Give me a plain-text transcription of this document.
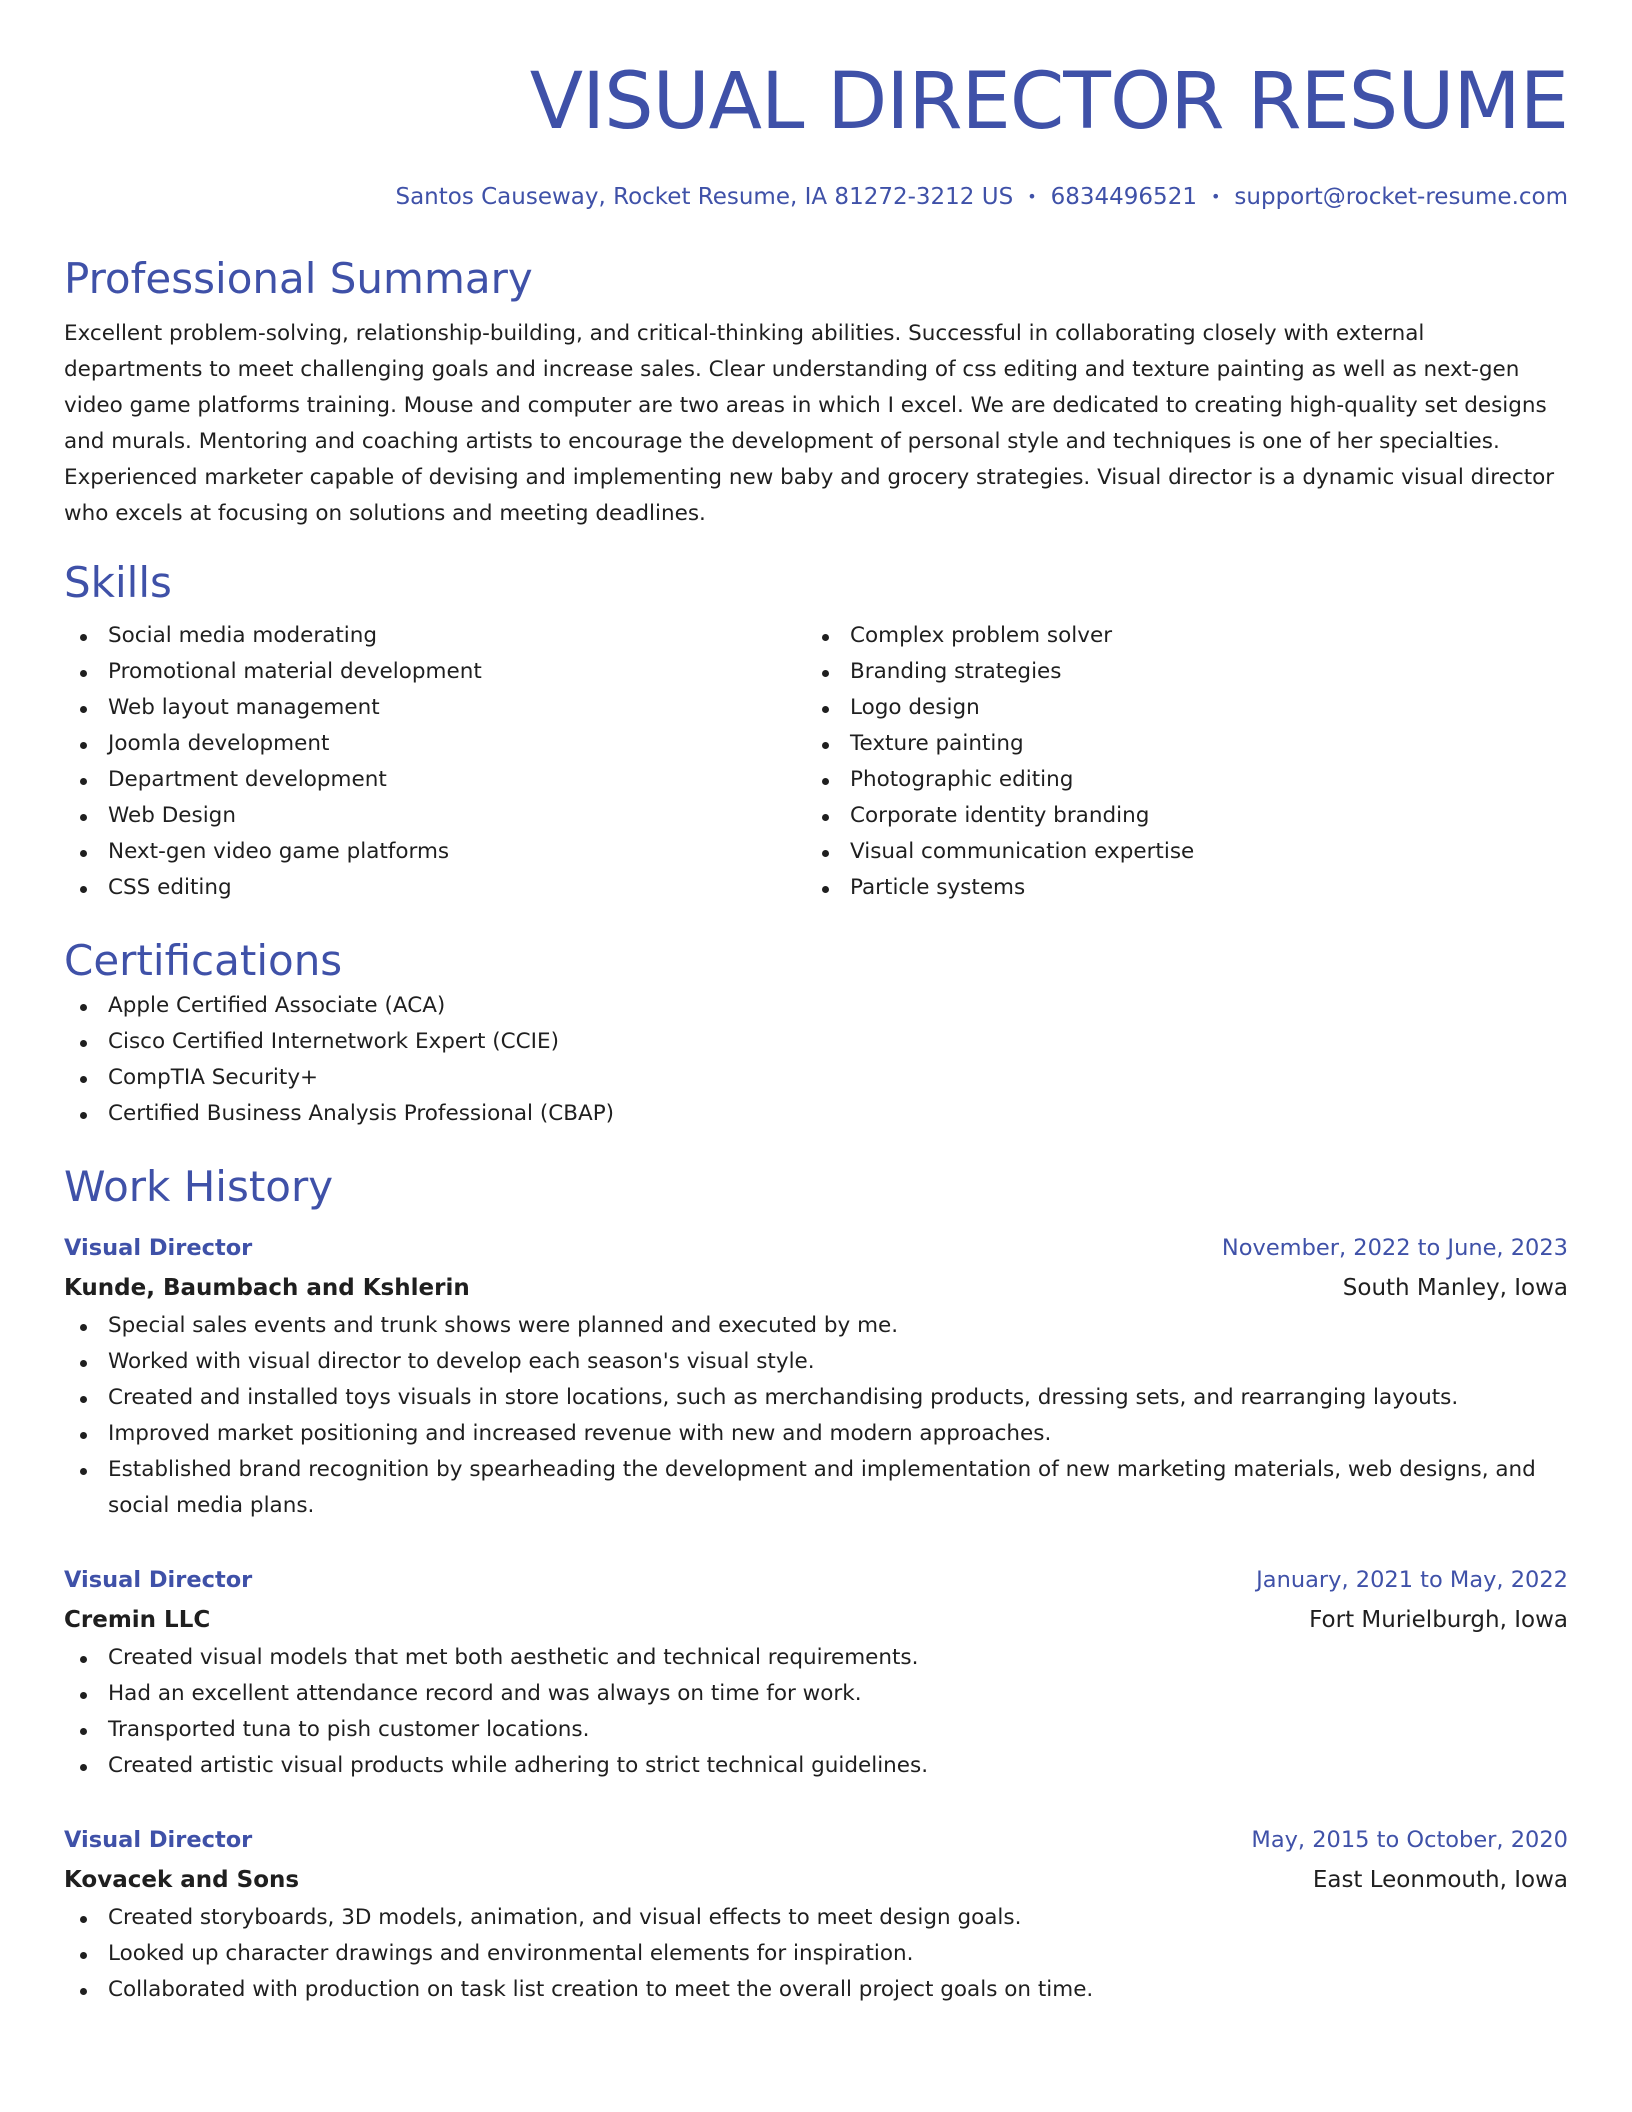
VISUAL DIRECTOR RESUME
Santos Causeway, Rocket Resume, IA 81272-3212 US • 6834496521 • support@rocket-resume.com
Professional Summary
Excellent problem-solving, relationship-building, and critical-thinking abilities. Successful in collaborating closely with external departments to meet challenging goals and increase sales. Clear understanding of css editing and texture painting as well as next-gen video game platforms training. Mouse and computer are two areas in which I excel. We are dedicated to creating high-quality set designs and murals. Mentoring and coaching artists to encourage the development of personal style and techniques is one of her specialties. Experienced marketer capable of devising and implementing new baby and grocery strategies. Visual director is a dynamic visual director who excels at focusing on solutions and meeting deadlines.
Skills
Social media moderating
Promotional material development
Web layout management
Joomla development
Department development
Web Design
Next-gen video game platforms
CSS editing
Complex problem solver
Branding strategies
Logo design
Texture painting
Photographic editing
Corporate identity branding
Visual communication expertise
Particle systems
Certifications
Apple Certified Associate (ACA)
Cisco Certified Internetwork Expert (CCIE)
CompTIA Security+
Certified Business Analysis Professional (CBAP)
Work History
Visual Director	November, 2022 to June, 2023
Kunde, Baumbach and Kshlerin	South Manley, Iowa
Special sales events and trunk shows were planned and executed by me.
Worked with visual director to develop each season's visual style.
Created and installed toys visuals in store locations, such as merchandising products, dressing sets, and rearranging layouts.
Improved market positioning and increased revenue with new and modern approaches.
Established brand recognition by spearheading the development and implementation of new marketing materials, web designs, and social media plans.
Visual Director	January, 2021 to May, 2022
Cremin LLC	Fort Murielburgh, Iowa
Created visual models that met both aesthetic and technical requirements.
Had an excellent attendance record and was always on time for work.
Transported tuna to pish customer locations.
Created artistic visual products while adhering to strict technical guidelines.
Visual Director	May, 2015 to October, 2020
Kovacek and Sons	East Leonmouth, Iowa
Created storyboards, 3D models, animation, and visual effects to meet design goals.
Looked up character drawings and environmental elements for inspiration.
Collaborated with production on task list creation to meet the overall project goals on time.
